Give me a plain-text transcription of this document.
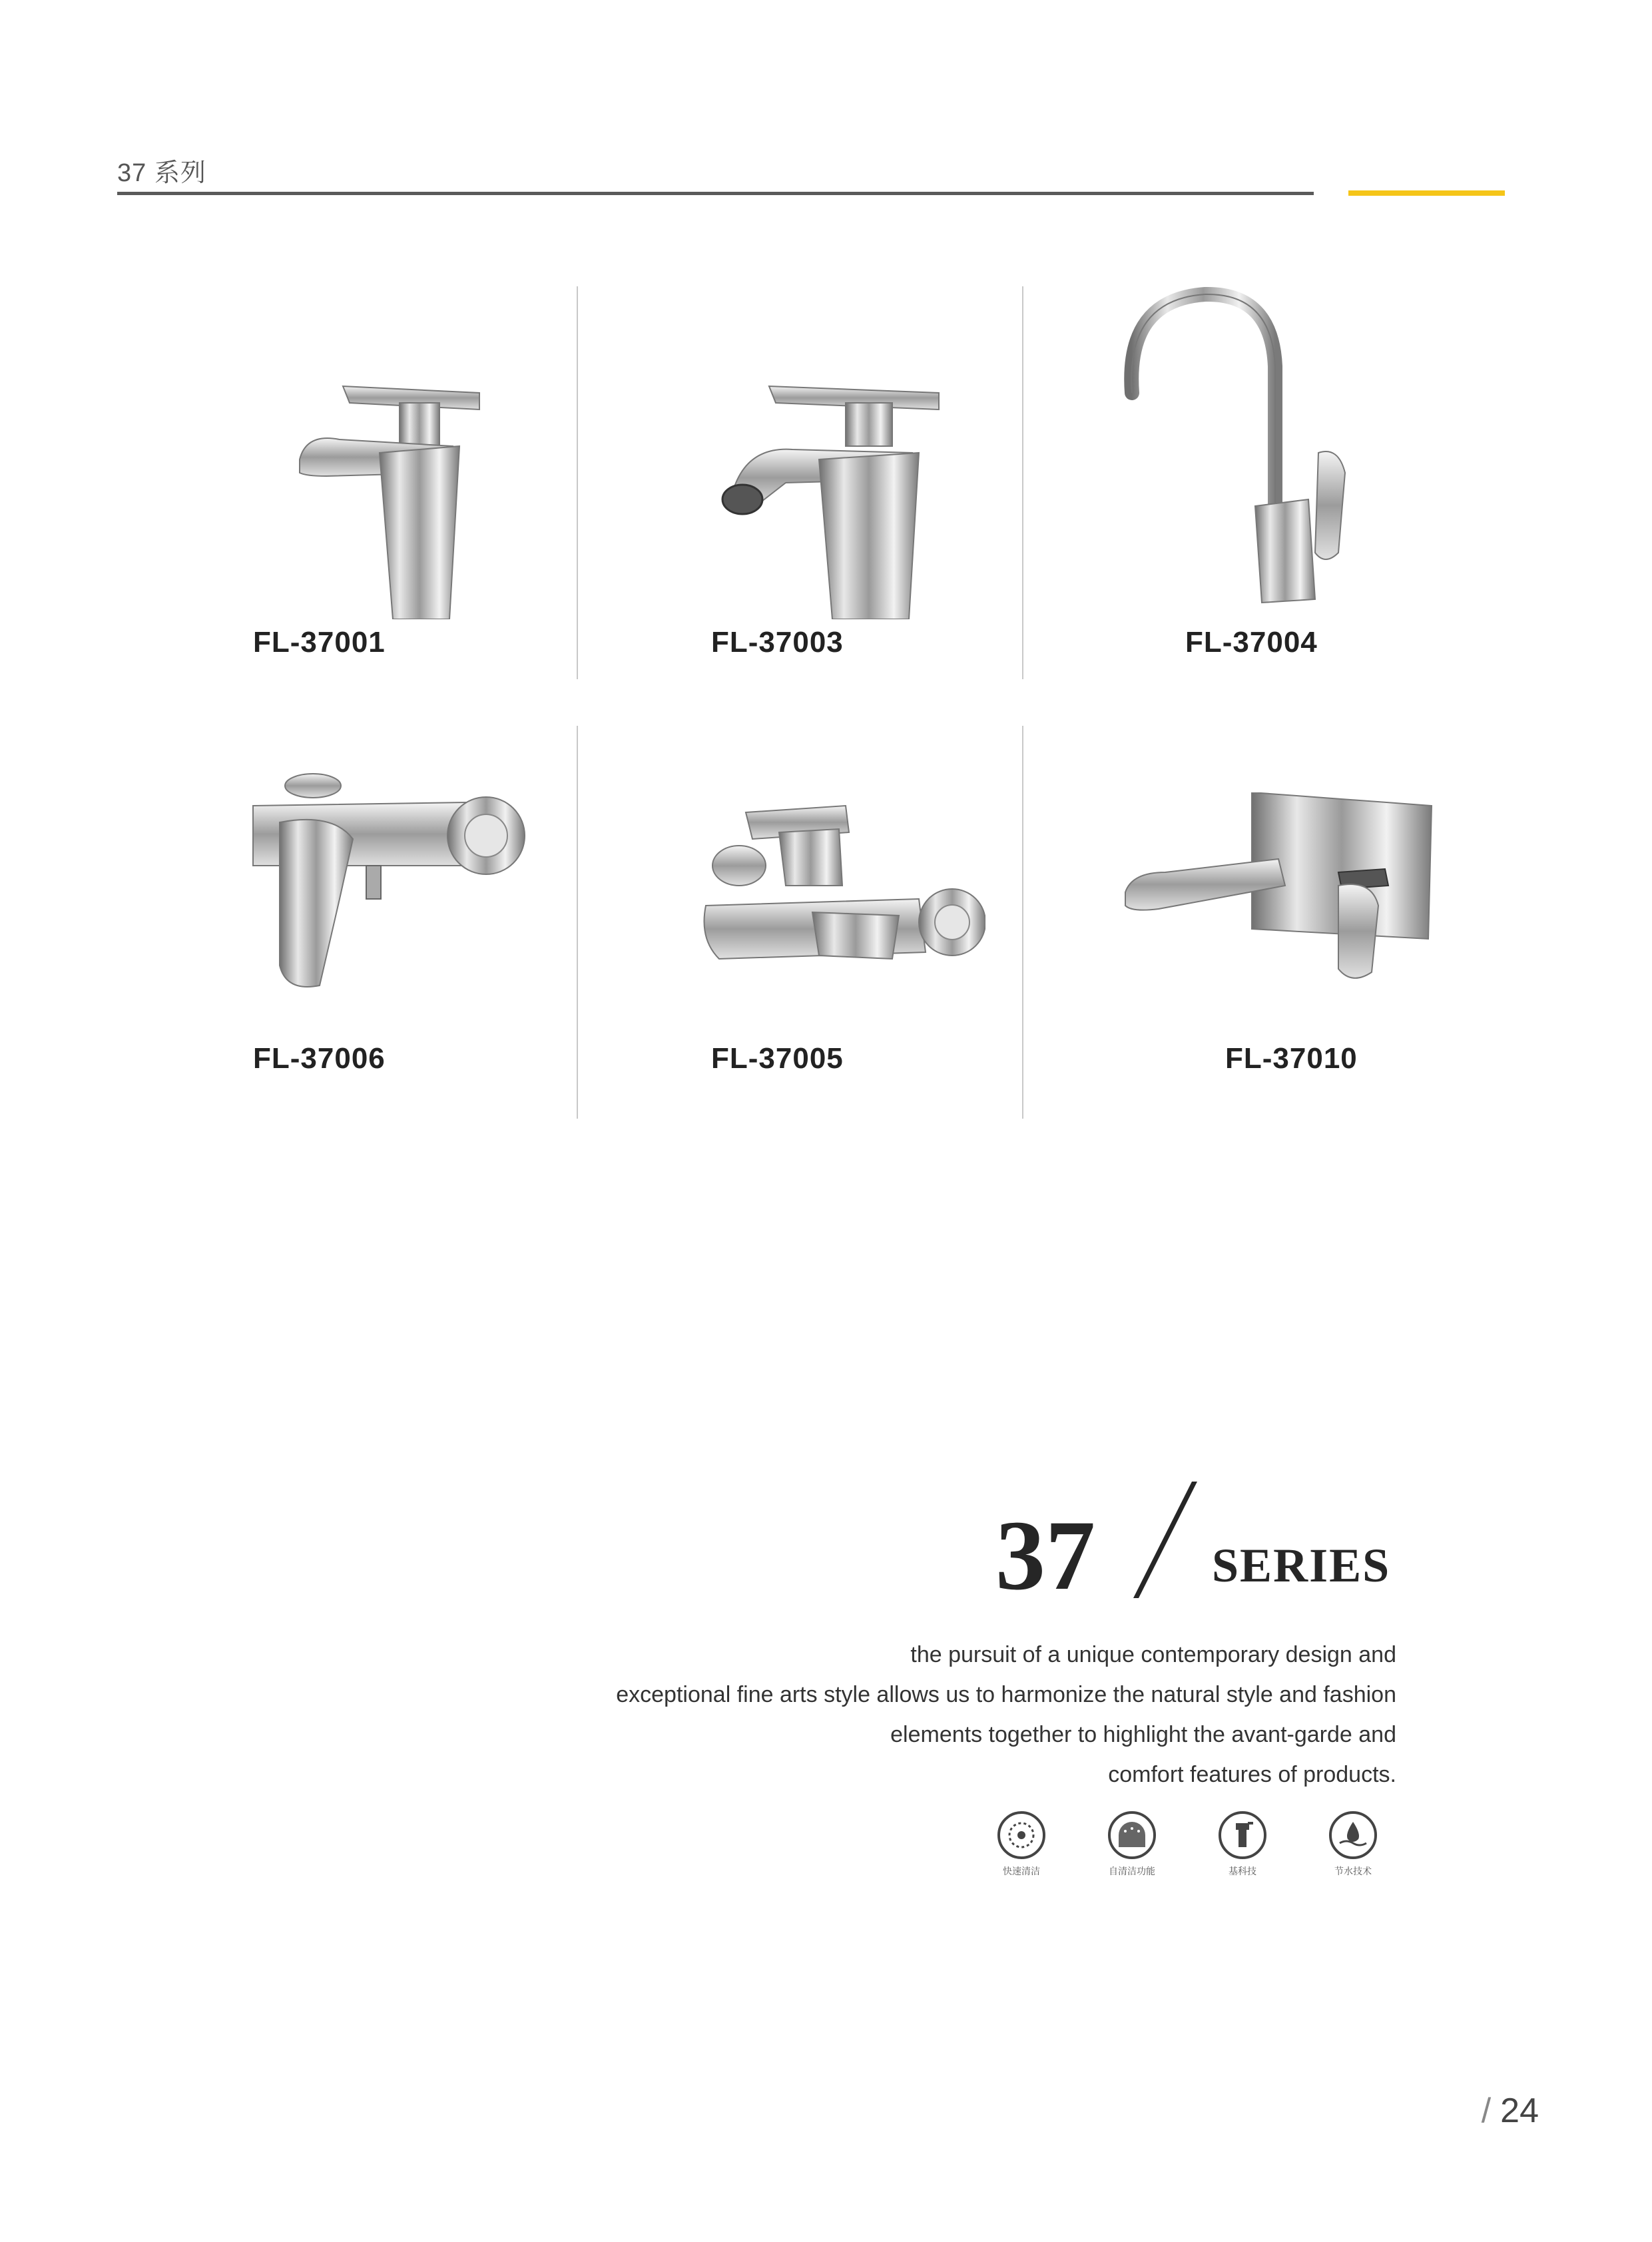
37 系列
FL-37001	FL-37003	FL-37004
FL-37006	FL-37005	FL-37010
37 SERIES
the pursuit of a unique contemporary design and
exceptional fine arts style allows us to harmonize the natural style and fashion
elements together to highlight the avant-garde and
comfort features of products.
快速清洁	自清洁功能	基科技	节水技术
/ 24
